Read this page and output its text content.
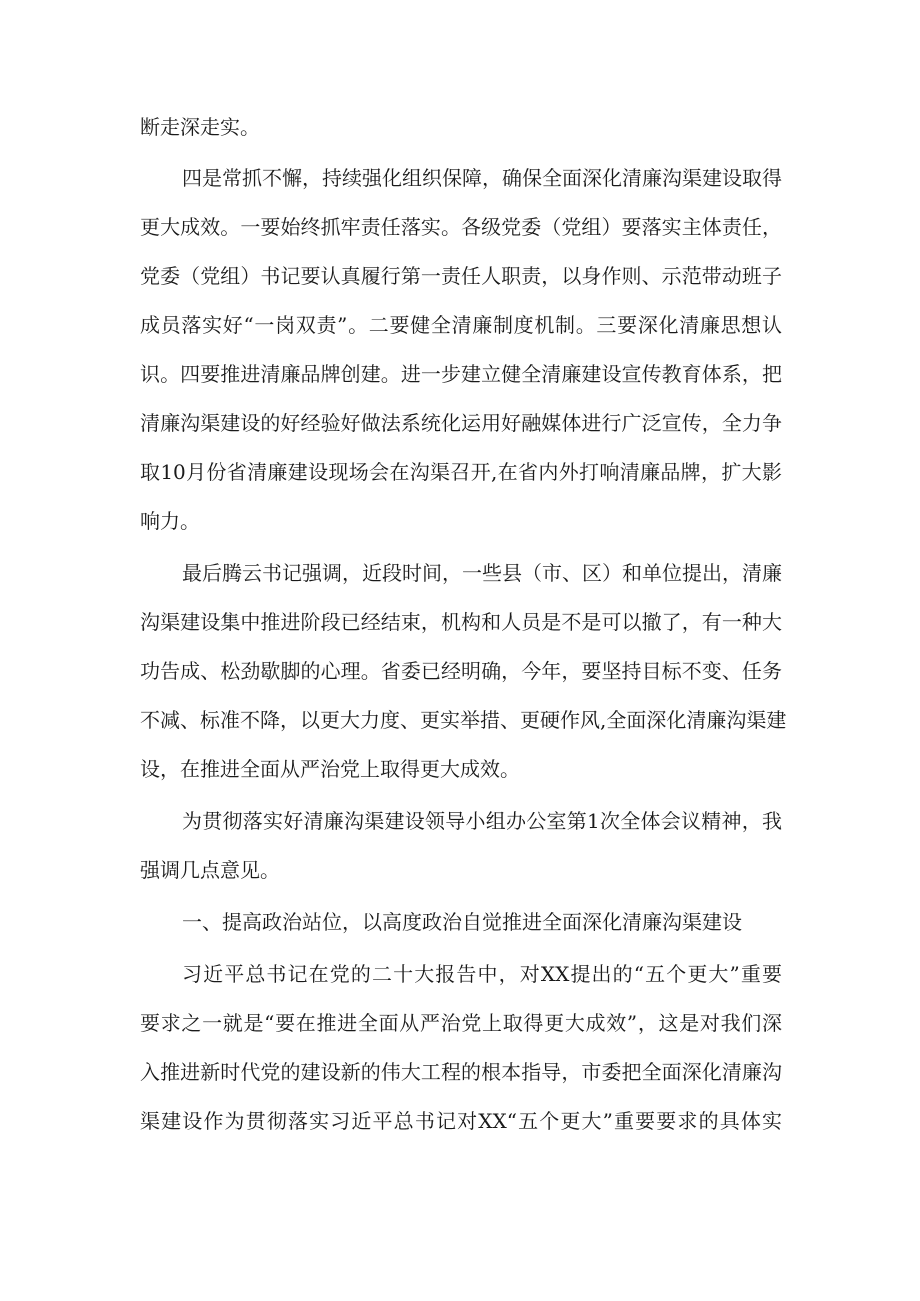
断走深走实。
四是常抓不懈，持续强化组织保障，确保全面深化清廉沟渠建设取得
更大成效。一要始终抓牢责任落实。各级党委（党组）要落实主体责任，
党委（党组）书记要认真履行第一责任人职责，以身作则、示范带动班子
成员落实好“一岗双责”。二要健全清廉制度机制。三要深化清廉思想认
识。四要推进清廉品牌创建。进一步建立健全清廉建设宣传教育体系，把
清廉沟渠建设的好经验好做法系统化运用好融媒体进行广泛宣传，全力争
取10月份省清廉建设现场会在沟渠召开,在省内外打响清廉品牌，扩大影
响力。
最后腾云书记强调，近段时间，一些县（市、区）和单位提出，清廉
沟渠建设集中推进阶段已经结束，机构和人员是不是可以撤了，有一种大
功告成、松劲歇脚的心理。省委已经明确，今年，要坚持目标不变、任务
不减、标准不降，以更大力度、更实举措、更硬作风,全面深化清廉沟渠建
设，在推进全面从严治党上取得更大成效。
为贯彻落实好清廉沟渠建设领导小组办公室第1次全体会议精神，我
强调几点意见。
一、提高政治站位，以高度政治自觉推进全面深化清廉沟渠建设
习近平总书记在党的二十大报告中，对XX提出的“五个更大”重要
要求之一就是“要在推进全面从严治党上取得更大成效”，这是对我们深
入推进新时代党的建设新的伟大工程的根本指导，市委把全面深化清廉沟
渠建设作为贯彻落实习近平总书记对XX“五个更大”重要要求的具体实
